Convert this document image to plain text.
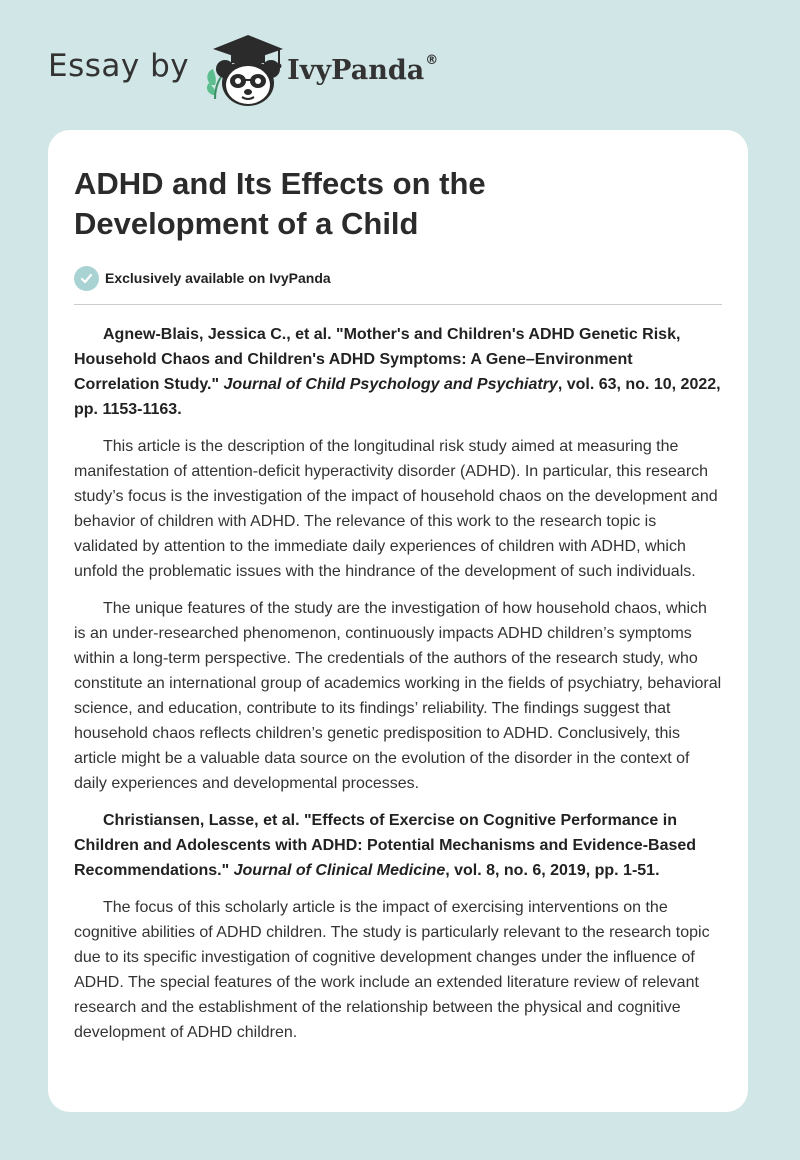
Essay by	IvyPanda®
ADHD and Its Effects on the Development of a Child
Exclusively available on IvyPanda

Agnew-Blais, Jessica C., et al. "Mother's and Children's ADHD Genetic Risk, Household Chaos and Children's ADHD Symptoms: A Gene–Environment Correlation Study." Journal of Child Psychology and Psychiatry, vol. 63, no. 10, 2022, pp. 1153-1163.

This article is the description of the longitudinal risk study aimed at measuring the manifestation of attention-deficit hyperactivity disorder (ADHD). In particular, this research study’s focus is the investigation of the impact of household chaos on the development and behavior of children with ADHD. The relevance of this work to the research topic is validated by attention to the immediate daily experiences of children with ADHD, which unfold the problematic issues with the hindrance of the development of such individuals.

The unique features of the study are the investigation of how household chaos, which is an under-researched phenomenon, continuously impacts ADHD children’s symptoms within a long-term perspective. The credentials of the authors of the research study, who constitute an international group of academics working in the fields of psychiatry, behavioral science, and education, contribute to its findings’ reliability. The findings suggest that household chaos reflects children’s genetic predisposition to ADHD. Conclusively, this article might be a valuable data source on the evolution of the disorder in the context of daily experiences and developmental processes.

Christiansen, Lasse, et al. "Effects of Exercise on Cognitive Performance in Children and Adolescents with ADHD: Potential Mechanisms and Evidence-Based Recommendations." Journal of Clinical Medicine, vol. 8, no. 6, 2019, pp. 1-51.

The focus of this scholarly article is the impact of exercising interventions on the cognitive abilities of ADHD children. The study is particularly relevant to the research topic due to its specific investigation of cognitive development changes under the influence of ADHD. The special features of the work include an extended literature review of relevant research and the establishment of the relationship between the physical and cognitive development of ADHD children.
